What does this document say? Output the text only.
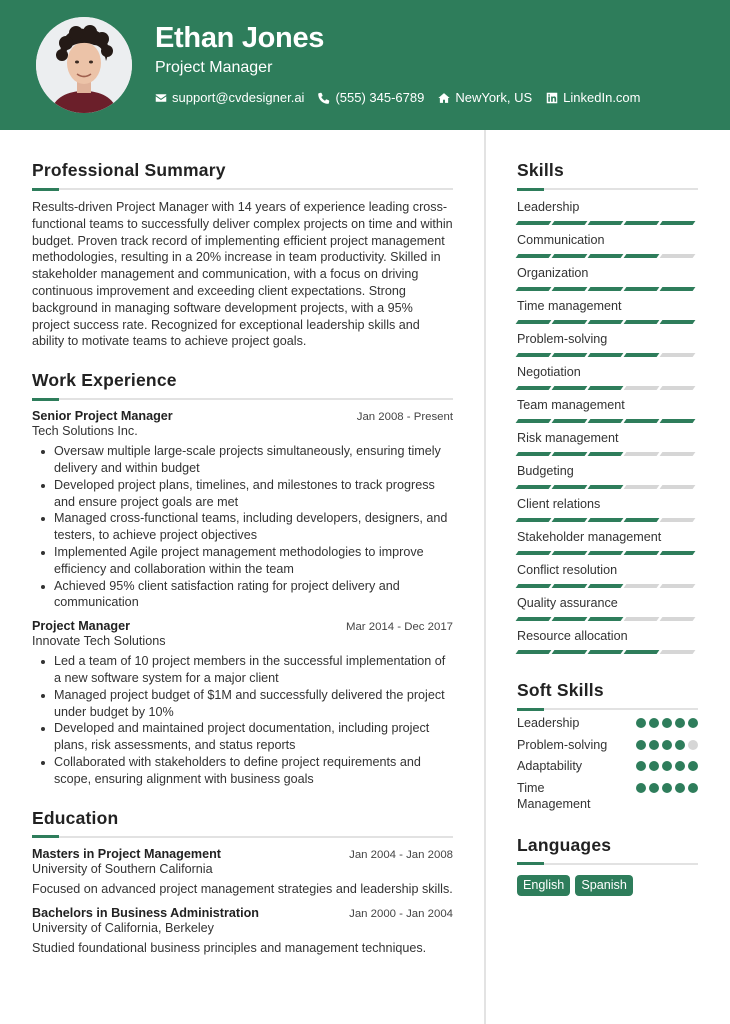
Ethan Jones
Project Manager
support@cvdesigner.ai (555) 345-6789 NewYork, US LinkedIn.com
Professional Summary

Results-driven Project Manager with 14 years of experience leading cross-functional teams to successfully deliver complex projects on time and within budget. Proven track record of implementing efficient project management methodologies, resulting in a 20% increase in team productivity. Skilled in stakeholder management and communication, with a focus on driving continuous improvement and exceeding client expectations. Strong background in managing software development projects, with a 95% project success rate. Recognized for exceptional leadership skills and ability to motivate teams to achieve project goals.

Work Experience
Senior Project Manager	Jan 2008 - Present
Tech Solutions Inc.
Oversaw multiple large-scale projects simultaneously, ensuring timely delivery and within budget
Developed project plans, timelines, and milestones to track progress and ensure project goals are met
Managed cross-functional teams, including developers, designers, and testers, to achieve project objectives
Implemented Agile project management methodologies to improve efficiency and collaboration within the team
Achieved 95% client satisfaction rating for project delivery and communication
Project Manager	Mar 2014 - Dec 2017
Innovate Tech Solutions
Led a team of 10 project members in the successful implementation of a new software system for a major client
Managed project budget of $1M and successfully delivered the project under budget by 10%
Developed and maintained project documentation, including project plans, risk assessments, and status reports
Collaborated with stakeholders to define project requirements and scope, ensuring alignment with business goals
Education
Masters in Project Management	Jan 2004 - Jan 2008
University of Southern California

Focused on advanced project management strategies and leadership skills.

Bachelors in Business Administration	Jan 2000 - Jan 2004
University of California, Berkeley

Studied foundational business principles and management techniques.

Skills
Leadership
Communication
Organization
Time management
Problem-solving
Negotiation
Team management
Risk management
Budgeting
Client relations
Stakeholder management
Conflict resolution
Quality assurance
Resource allocation
Soft Skills
Leadership
Problem-solving
Adaptability
Time Management
Languages
English	Spanish
